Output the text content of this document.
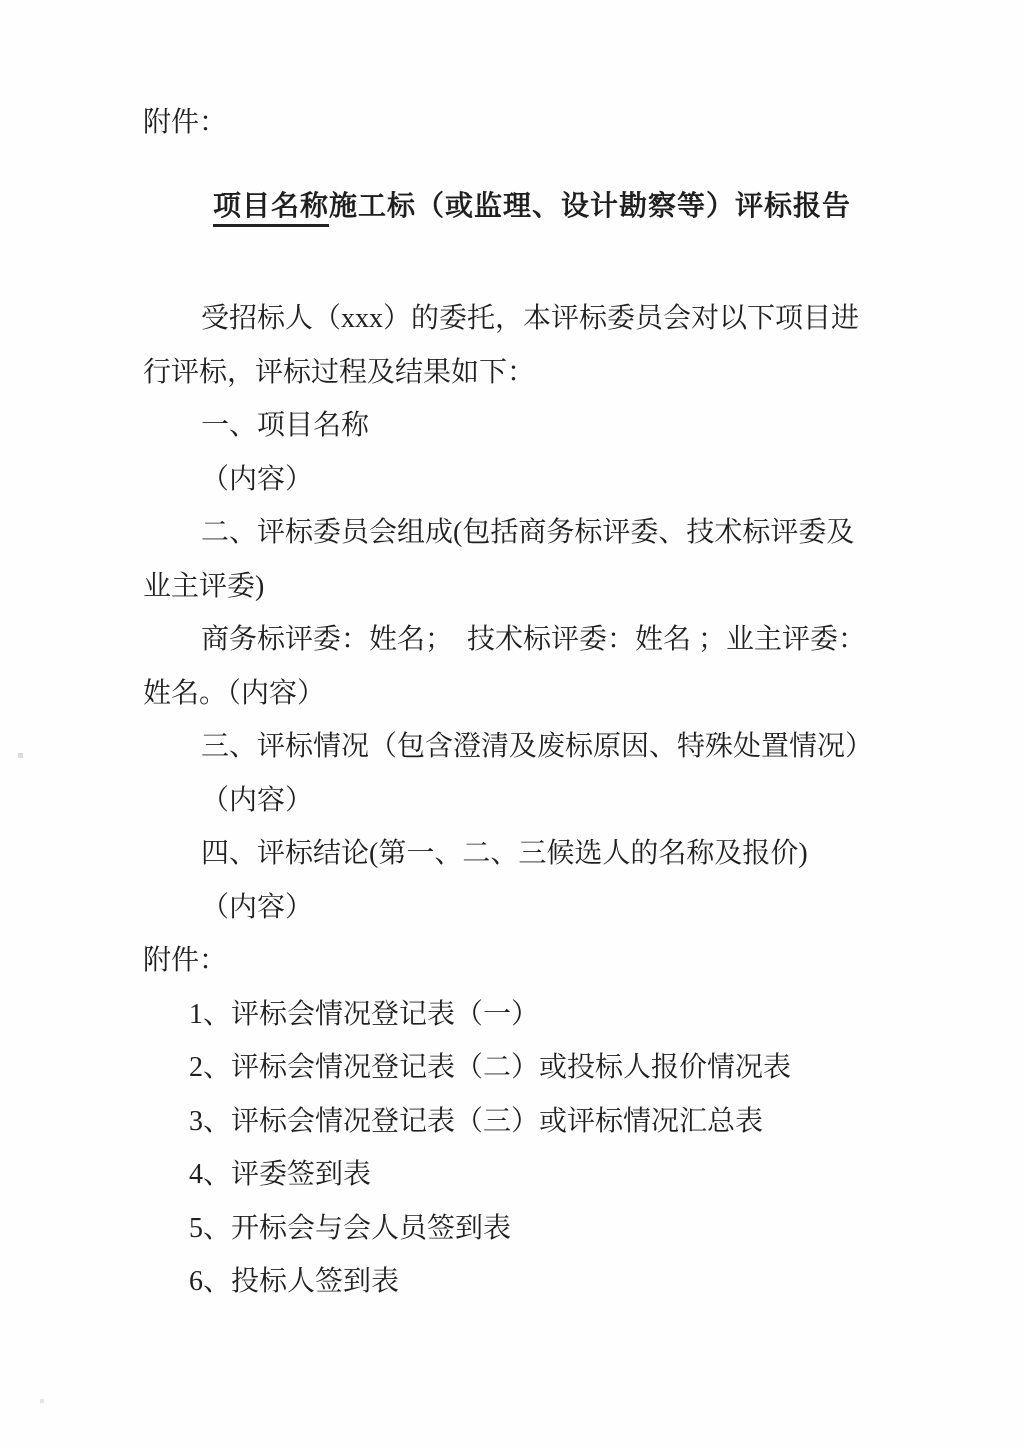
附件：
项目名称施工标（或监理、设计勘察等）评标报告
受招标人（xxx）的委托，本评标委员会对以下项目进
行评标，评标过程及结果如下：
一、项目名称
（内容）
二、评标委员会组成(包括商务标评委、技术标评委及
业主评委)
商务标评委：姓名；  技术标评委：姓名 ；业主评委：
姓名。（内容）
三、评标情况（包含澄清及废标原因、特殊处置情况）
（内容）
四、评标结论(第一、二、三候选人的名称及报价)
（内容）
附件：
1、评标会情况登记表（一）
2、评标会情况登记表（二）或投标人报价情况表
3、评标会情况登记表（三）或评标情况汇总表
4、评委签到表
5、开标会与会人员签到表
6、投标人签到表
